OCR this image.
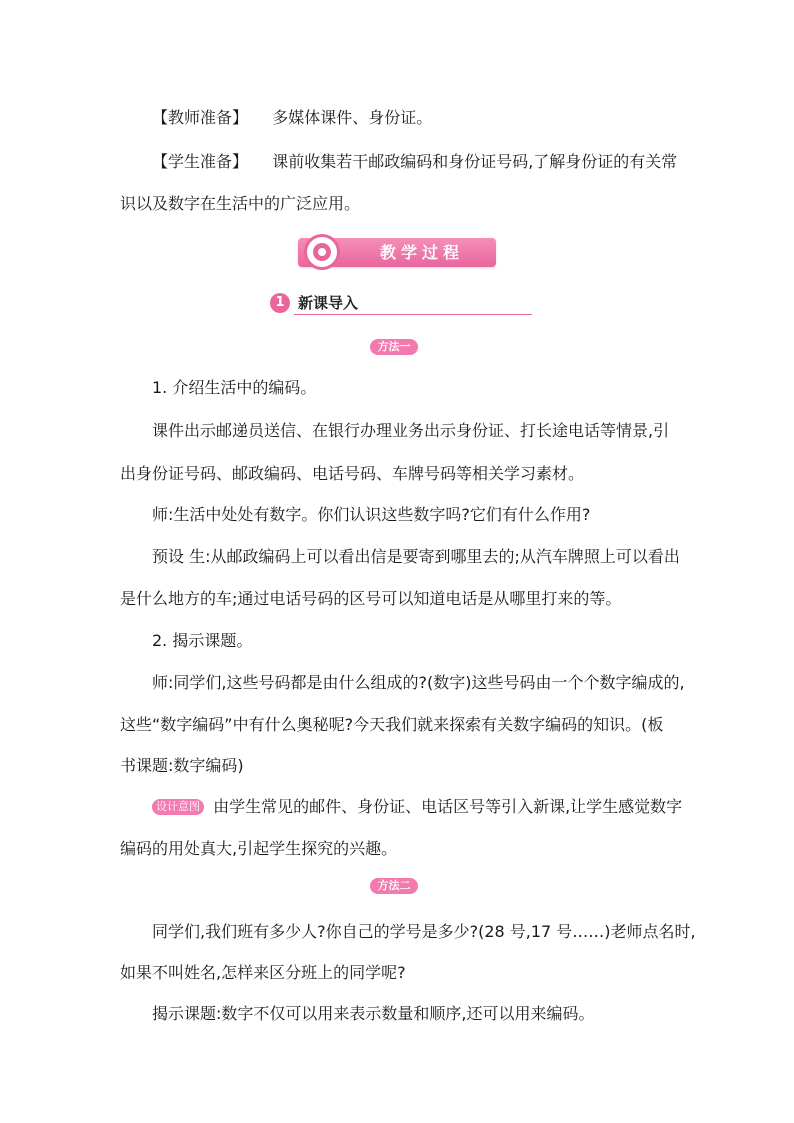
【教师准备】 多媒体课件、身份证。
【学生准备】 课前收集若干邮政编码和身份证号码,了解身份证的有关常
识以及数字在生活中的广泛应用。
教学过程
1 新课导入
方法一
1. 介绍生活中的编码。
课件出示邮递员送信、在银行办理业务出示身份证、打长途电话等情景,引
出身份证号码、邮政编码、电话号码、车牌号码等相关学习素材。
师:生活中处处有数字。你们认识这些数字吗?它们有什么作用?
预设 生:从邮政编码上可以看出信是要寄到哪里去的;从汽车牌照上可以看出
是什么地方的车;通过电话号码的区号可以知道电话是从哪里打来的等。
2. 揭示课题。
师:同学们,这些号码都是由什么组成的?(数字)这些号码由一个个数字编成的,
这些“数字编码”中有什么奥秘呢?今天我们就来探索有关数字编码的知识。(板
书课题:数字编码)
设计意图 由学生常见的邮件、身份证、电话区号等引入新课,让学生感觉数字
编码的用处真大,引起学生探究的兴趣。
方法二
同学们,我们班有多少人?你自己的学号是多少?(28 号,17 号……)老师点名时,
如果不叫姓名,怎样来区分班上的同学呢?
揭示课题:数字不仅可以用来表示数量和顺序,还可以用来编码。
